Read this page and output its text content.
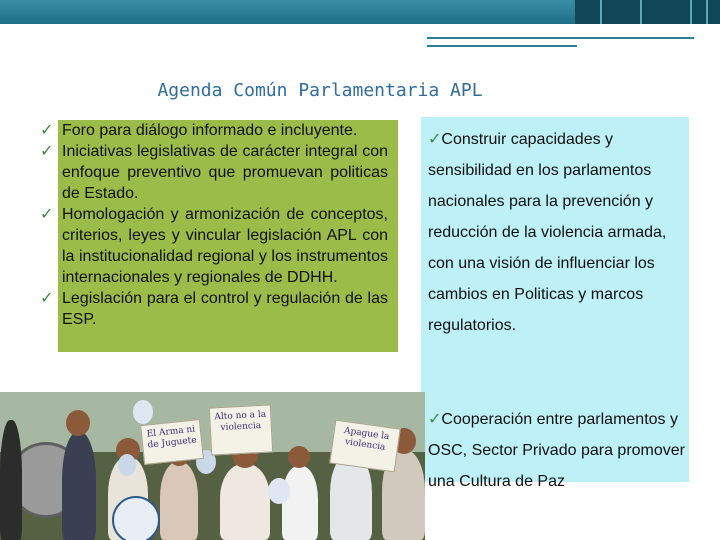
Agenda Común Parlamentaria APL
✓ Foro para diálogo informado e incluyente.
✓ Iniciativas legislativas de carácter integral con enfoque preventivo que promuevan politicas de Estado.
✓ Homologación y armonización de conceptos, criterios, leyes y vincular legislación APL con la institucionalidad regional y los instrumentos internacionales y regionales de DDHH.
✓ Legislación para el control y regulación de las ESP.

✓Construir capacidades y sensibilidad en los parlamentos nacionales para la prevención y reducción de la violencia armada, con una visión de influenciar los cambios en Politicas y marcos regulatorios.

✓Cooperación entre parlamentos y OSC, Sector Privado para promover una Cultura de Paz

El Arma ni de Juguete
Alto no a la violencia	Apague la violencia
